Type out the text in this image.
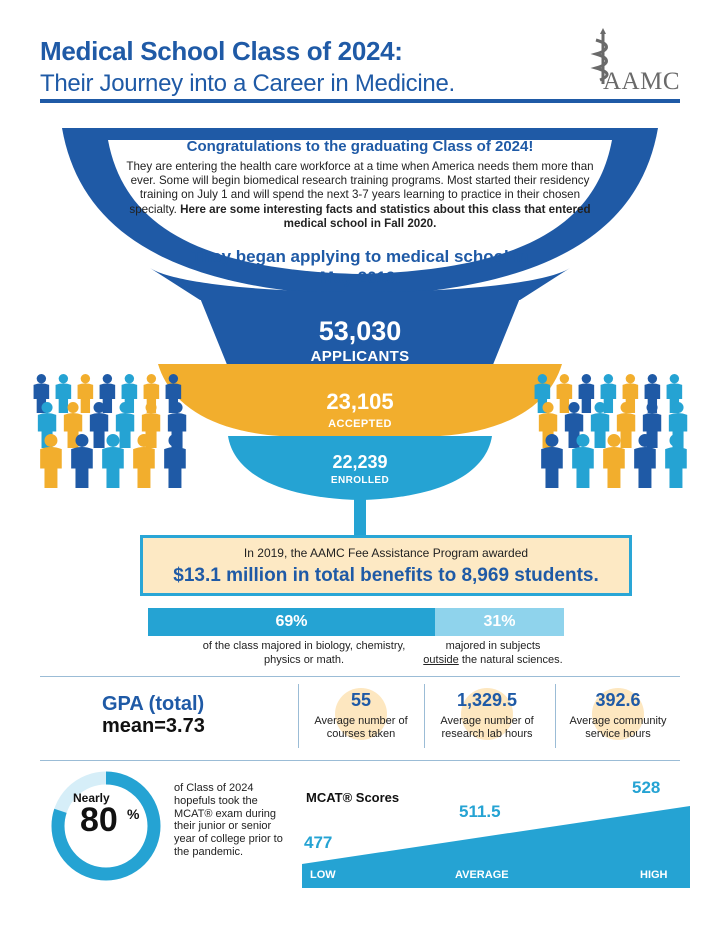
Medical School Class of 2024:
Their Journey into a Career in Medicine.	AAMC
Congratulations to the graduating Class of 2024!
They are entering the health care workforce at a time when America needs them more than ever. Some will begin biomedical research training programs. Most started their residency training on July 1 and will spend the next 3-7 years learning to practice in their chosen specialty. Here are some interesting facts and statistics about this class that entered medical school in Fall 2020.
They began applying to medical school in May 2019.
53,030
APPLICANTS
23,105
ACCEPTED
22,239
ENROLLED
In 2019, the AAMC Fee Assistance Program awarded
$13.1 million in total benefits to 8,969 students.
69%	31%
of the class majored in biology, chemistry, physics or math.
majored in subjects
outside the natural sciences.
GPA (total)
mean=3.73
55
Average number of courses taken
1,329.5
Average number of research lab hours
392.6
Average community service hours
Nearly
80 %
of Class of 2024 hopefuls took the MCAT® exam during their junior or senior year of college prior to the pandemic.
MCAT® Scores
477
511.5
528
LOW	AVERAGE	HIGH
